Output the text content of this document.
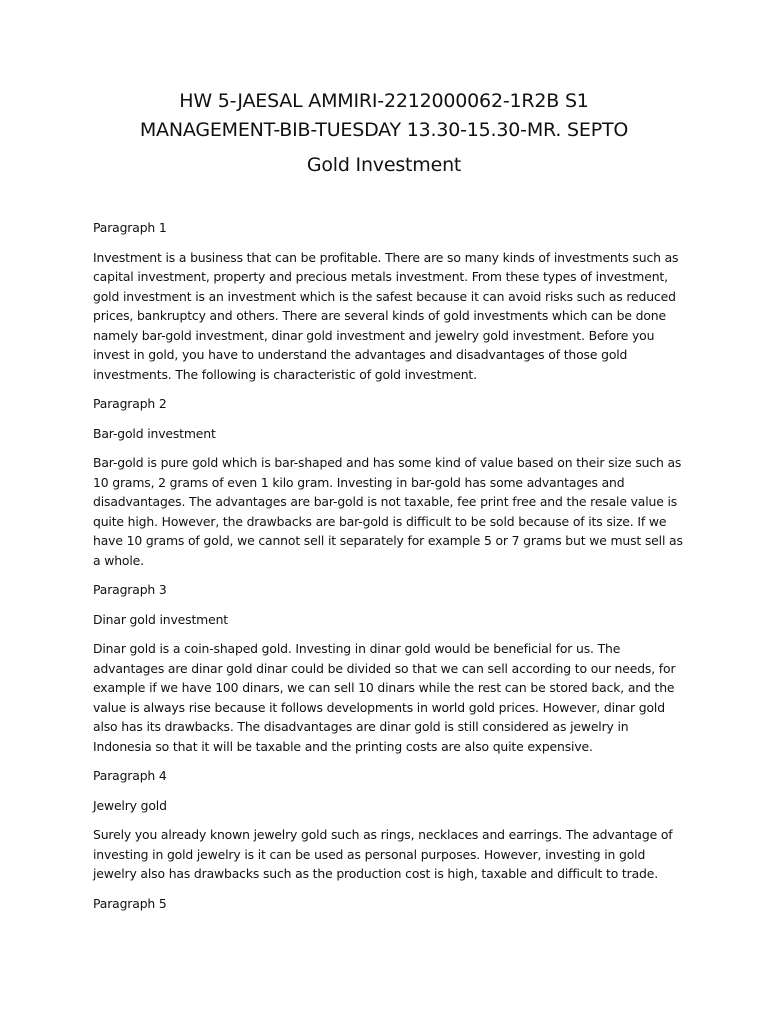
HW 5-JAESAL AMMIRI-2212000062-1R2B S1
MANAGEMENT-BIB-TUESDAY 13.30-15.30-MR. SEPTO
Gold Investment

Paragraph 1

Investment is a business that can be profitable. There are so many kinds of investments such as capital investment, property and precious metals investment. From these types of investment, gold investment is an investment which is the safest because it can avoid risks such as reduced prices, bankruptcy and others. There are several kinds of gold investments which can be done namely bar-gold investment, dinar gold investment and jewelry gold investment. Before you invest in gold, you have to understand the advantages and disadvantages of those gold investments. The following is characteristic of gold investment.

Paragraph 2

Bar-gold investment

Bar-gold is pure gold which is bar-shaped and has some kind of value based on their size such as 10 grams, 2 grams of even 1 kilo gram. Investing in bar-gold has some advantages and disadvantages. The advantages are bar-gold is not taxable, fee print free and the resale value is quite high. However, the drawbacks are bar-gold is difficult to be sold because of its size. If we have 10 grams of gold, we cannot sell it separately for example 5 or 7 grams but we must sell as a whole.

Paragraph 3

Dinar gold investment

Dinar gold is a coin-shaped gold. Investing in dinar gold would be beneficial for us. The advantages are dinar gold dinar could be divided so that we can sell according to our needs, for example if we have 100 dinars, we can sell 10 dinars while the rest can be stored back, and the value is always rise because it follows developments in world gold prices. However, dinar gold also has its drawbacks. The disadvantages are dinar gold is still considered as jewelry in Indonesia so that it will be taxable and the printing costs are also quite expensive.

Paragraph 4

Jewelry gold

Surely you already known jewelry gold such as rings, necklaces and earrings. The advantage of investing in gold jewelry is it can be used as personal purposes. However, investing in gold jewelry also has drawbacks such as the production cost is high, taxable and difficult to trade.

Paragraph 5
